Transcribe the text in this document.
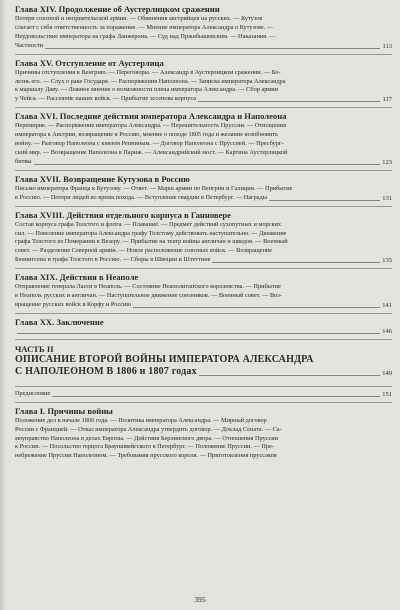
Глава XIV. Продолжение об Аустерлицком сражении

Потери союзной и неприятельской армии. — Обвинения австрийцев на русских. — Кутузов

слагает с себя ответственность за поражение. — Мнение императора Александра о Кутузове. —

Неудовольствие императора на графа Ланжерона. — Суд над Пржибышевским. — Наказания. —

Частности	113

Глава XV. Отступление от Аустерлица

Причины отступления в Венгрию. — Переговоры. — Александр в Аустерлицком сражении. — Бо-

лезнь его. — Слух о раке Государя. — Распоряжения Наполеона. — Записка императора Александра

к маршалу Даву. — Ложное мнение о возможности плена императора Александра. — Сбор армии

у Чейса. — Рассеяние наших войск. — Прибытие эссенова корпуса	117

Глава XVI. Последние действия императора Александра и Наполеона

Перемирие. — Распоряжение императора Александра. — Нерешительность Пруссии. — Отношения

императора к Австрии, возвращение в Россию, мнение о походе 1805 года и желание возобновить

войну. — Разговор Наполеона с князем Репниным. — Договор Наполеона с Пруссией. — Пресбург-

ский мир. — Возвращение Наполеона в Париж. — Александрийский мост. — Картина Аустерлицкой

битвы	123

Глава XVII. Возвращение Кутузова в Россию

Письмо императора Франца к Кутузову. — Ответ. — Марш армии по Венгрии и Галиции. — Прибытие

в Россию. — Потери людей во время похода. — Вступление гвардии в Петербург. — Награды	131

Глава XVIII. Действия отдельного корпуса в Ганновере

Состав корпуса графа Толстого и флота. — Плавание. — Предмет действий сухопутных и морских

сил. — Повеление императора Александра графу Толстому действовать наступательно. — Движение

графа Толстого из Померании к Везеру. — Прибытие на театр войны англичан и шведов. — Военный

совет. — Разделение Северной армии. — Новое расположение союзных войск. — Возвращение

Беннигсена и графа Толстого в Россию. — Сборы в Швеции и Штеттине	135

Глава XIX. Действия в Неаполе

Отправление генерала Ласси в Неаполь. — Состояние Неаполитанского королевства. — Прибытие

в Неаполь русских и англичан. — Наступательное движение союзников. — Военный совет. — Воз-

вращение русских войск в Корфу и Россию	141

Глава XX. Заключение

146
ЧАСТЬ II

ОПИСАНИЕ ВТОРОЙ ВОЙНЫ ИМПЕРАТОРА АЛЕКСАНДРА

С НАПОЛЕОНОМ В 1806 и 1807 годах	149
Предисловие	151

Глава I. Причины войны

Положение дел в начале 1806 года. — Политика императора Александра. — Мирный договор

России с Францией. — Отказ императора Александра утвердить договор. — Доклад Сената. — Са-

моуправство Наполеона в делах Европы. — Действия Берлинского двора. — Отношения Пруссии

к России. — Посольство герцога Брауншвейгского в Петербург. — Положение Пруссии. — Пре-

небрежение Пруссии Наполеоном. — Требования прусского короля. — Приготовления пруссаков

395
